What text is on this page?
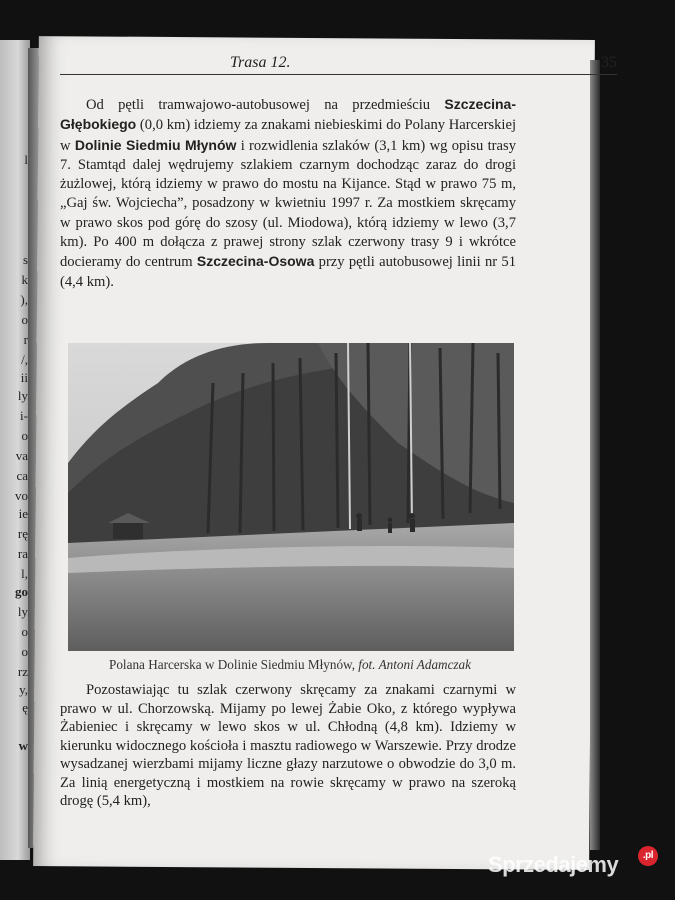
l
s
k
),
o
r
/,
ii
ly
i-
o
va
ca
vo
ie
rę
ra
l,
go
ly
o
o
rz
y,
ę
w
Trasa 12.	35

Od pętli tramwajowo-autobusowej na przedmieściu Szczecina-Głębokiego (0,0 km) idziemy za znakami niebieskimi do Polany Harcerskiej w Dolinie Siedmiu Młynów i rozwidlenia szlaków (3,1 km) wg opisu trasy 7. Stamtąd dalej wędrujemy szlakiem czarnym dochodząc zaraz do drogi żużlowej, którą idziemy w prawo do mostu na Kijance. Stąd w prawo 75 m, „Gaj św. Wojciecha”, posadzony w kwietniu 1997 r. Za mostkiem skręcamy w prawo skos pod górę do szosy (ul. Miodowa), którą idziemy w lewo (3,7 km). Po 400 m dołącza z prawej strony szlak czerwony trasy 9 i wkrótce docieramy do centrum Szczecina-Osowa przy pętli autobusowej linii nr 51 (4,4 km).

Polana Harcerska w Dolinie Siedmiu Młynów, fot. Antoni Adamczak

Pozostawiając tu szlak czerwony skręcamy za znakami czarnymi w prawo w ul. Chorzowską. Mijamy po lewej Żabie Oko, z którego wypływa Żabieniec i skręcamy w lewo skos w ul. Chłodną (4,8 km). Idziemy w kierunku widocznego kościoła i masztu radiowego w Warszewie. Przy drodze wysadzanej wierzbami mijamy liczne głazy narzutowe o obwodzie do 3,0 m. Za linią energetyczną i mostkiem na rowie skręcamy w prawo na szeroką drogę (5,4 km),

Sprzedajemy	.pl
